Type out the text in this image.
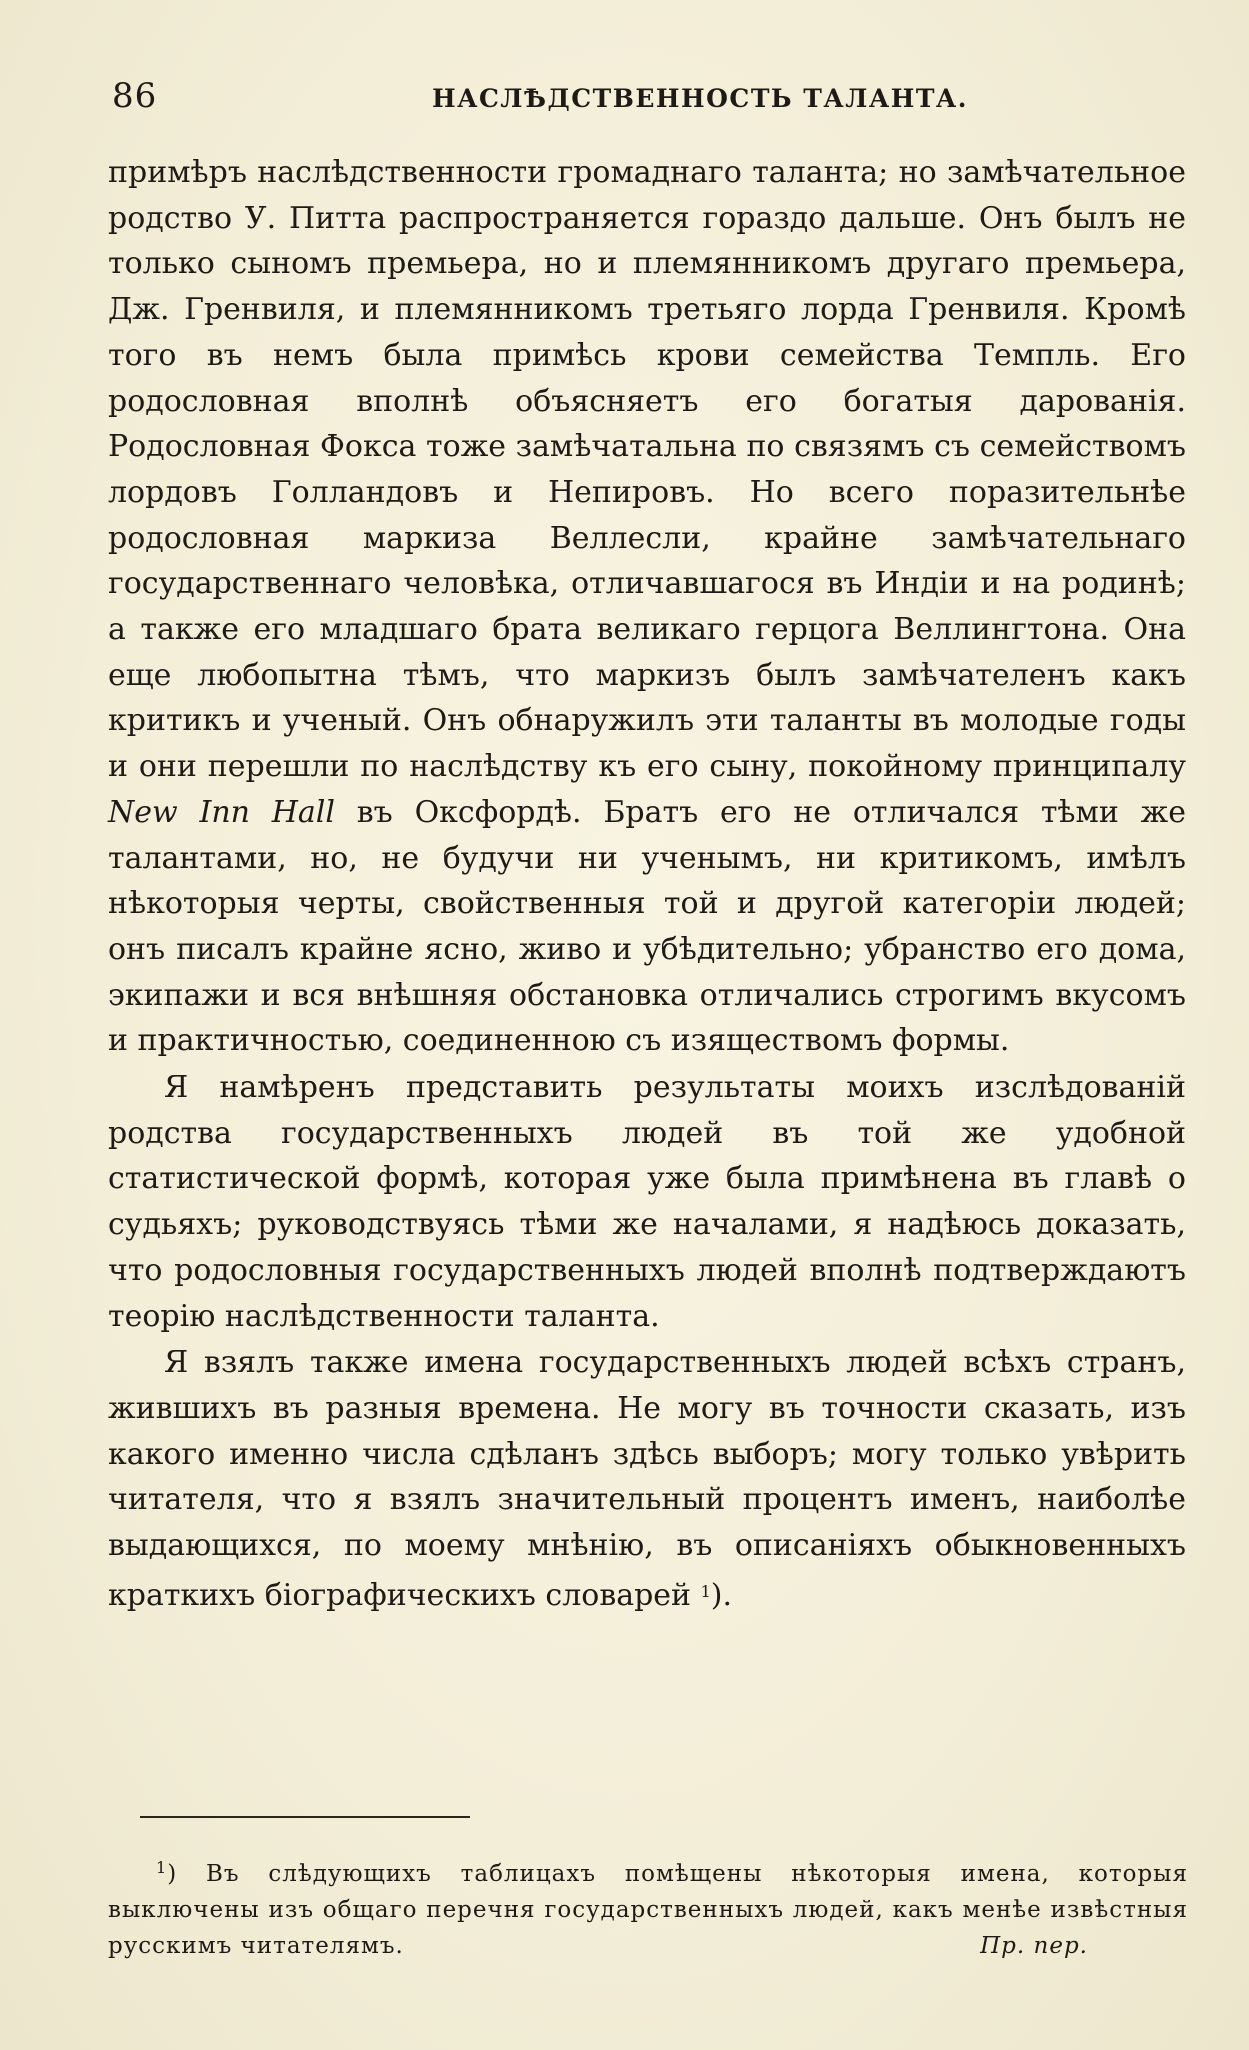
86	НАСЛѢДСТВЕННОСТЬ ТАЛАНТА.

примѣръ наслѣдственности громаднаго таланта; но замѣчательное родство У. Питта распространяется гораздо дальше. Онъ былъ не только сыномъ премьера, но и племянникомъ другаго премьера, Дж. Гренвиля, и племянникомъ третьяго лорда Гренвиля. Кромѣ того въ немъ была примѣсь крови семейства Темпль. Его родословная вполнѣ объясняетъ его богатыя дарованія. Родословная Фокса тоже замѣчатальна по связямъ съ семействомъ лордовъ Голландовъ и Непировъ. Но всего поразительнѣе родословная маркиза Веллесли, крайне замѣчательнаго государственнаго человѣка, отличавшагося въ Индіи и на родинѣ; а также его младшаго брата великаго герцога Веллингтона. Она еще любопытна тѣмъ, что маркизъ былъ замѣчателенъ какъ критикъ и ученый. Онъ обнаружилъ эти таланты въ молодые годы и они перешли по наслѣдству къ его сыну, покойному принципалу New Inn Hall въ Оксфордѣ. Братъ его не отличался тѣми же талантами, но, не будучи ни ученымъ, ни критикомъ, имѣлъ нѣкоторыя черты, свойственныя той и другой категоріи людей; онъ писалъ крайне ясно, живо и убѣдительно; убранство его дома, экипажи и вся внѣшняя обстановка отличались строгимъ вкусомъ и практичностью, соединенною съ изяществомъ формы.

Я намѣренъ представить результаты моихъ изслѣдованій родства государственныхъ людей въ той же удобной статистической формѣ, которая уже была примѣнена въ главѣ о судьяхъ; руководствуясь тѣми же началами, я надѣюсь доказать, что родословныя государственныхъ людей вполнѣ подтверждаютъ теорію наслѣдственности таланта.

Я взялъ также имена государственныхъ людей всѣхъ странъ, жившихъ въ разныя времена. Не могу въ точности сказать, изъ какого именно числа сдѣланъ здѣсь выборъ; могу только увѣрить читателя, что я взялъ значительный процентъ именъ, наиболѣе выдающихся, по моему мнѣнію, въ описаніяхъ обыкновенныхъ краткихъ біографическихъ словарей $^1$).

$^1$) Въ слѣдующихъ таблицахъ помѣщены нѣкоторыя имена, которыя выключены изъ общаго перечня государственныхъ людей, какъ менѣе извѣстныя русскимъ читателямъ.	Пр. пер.
